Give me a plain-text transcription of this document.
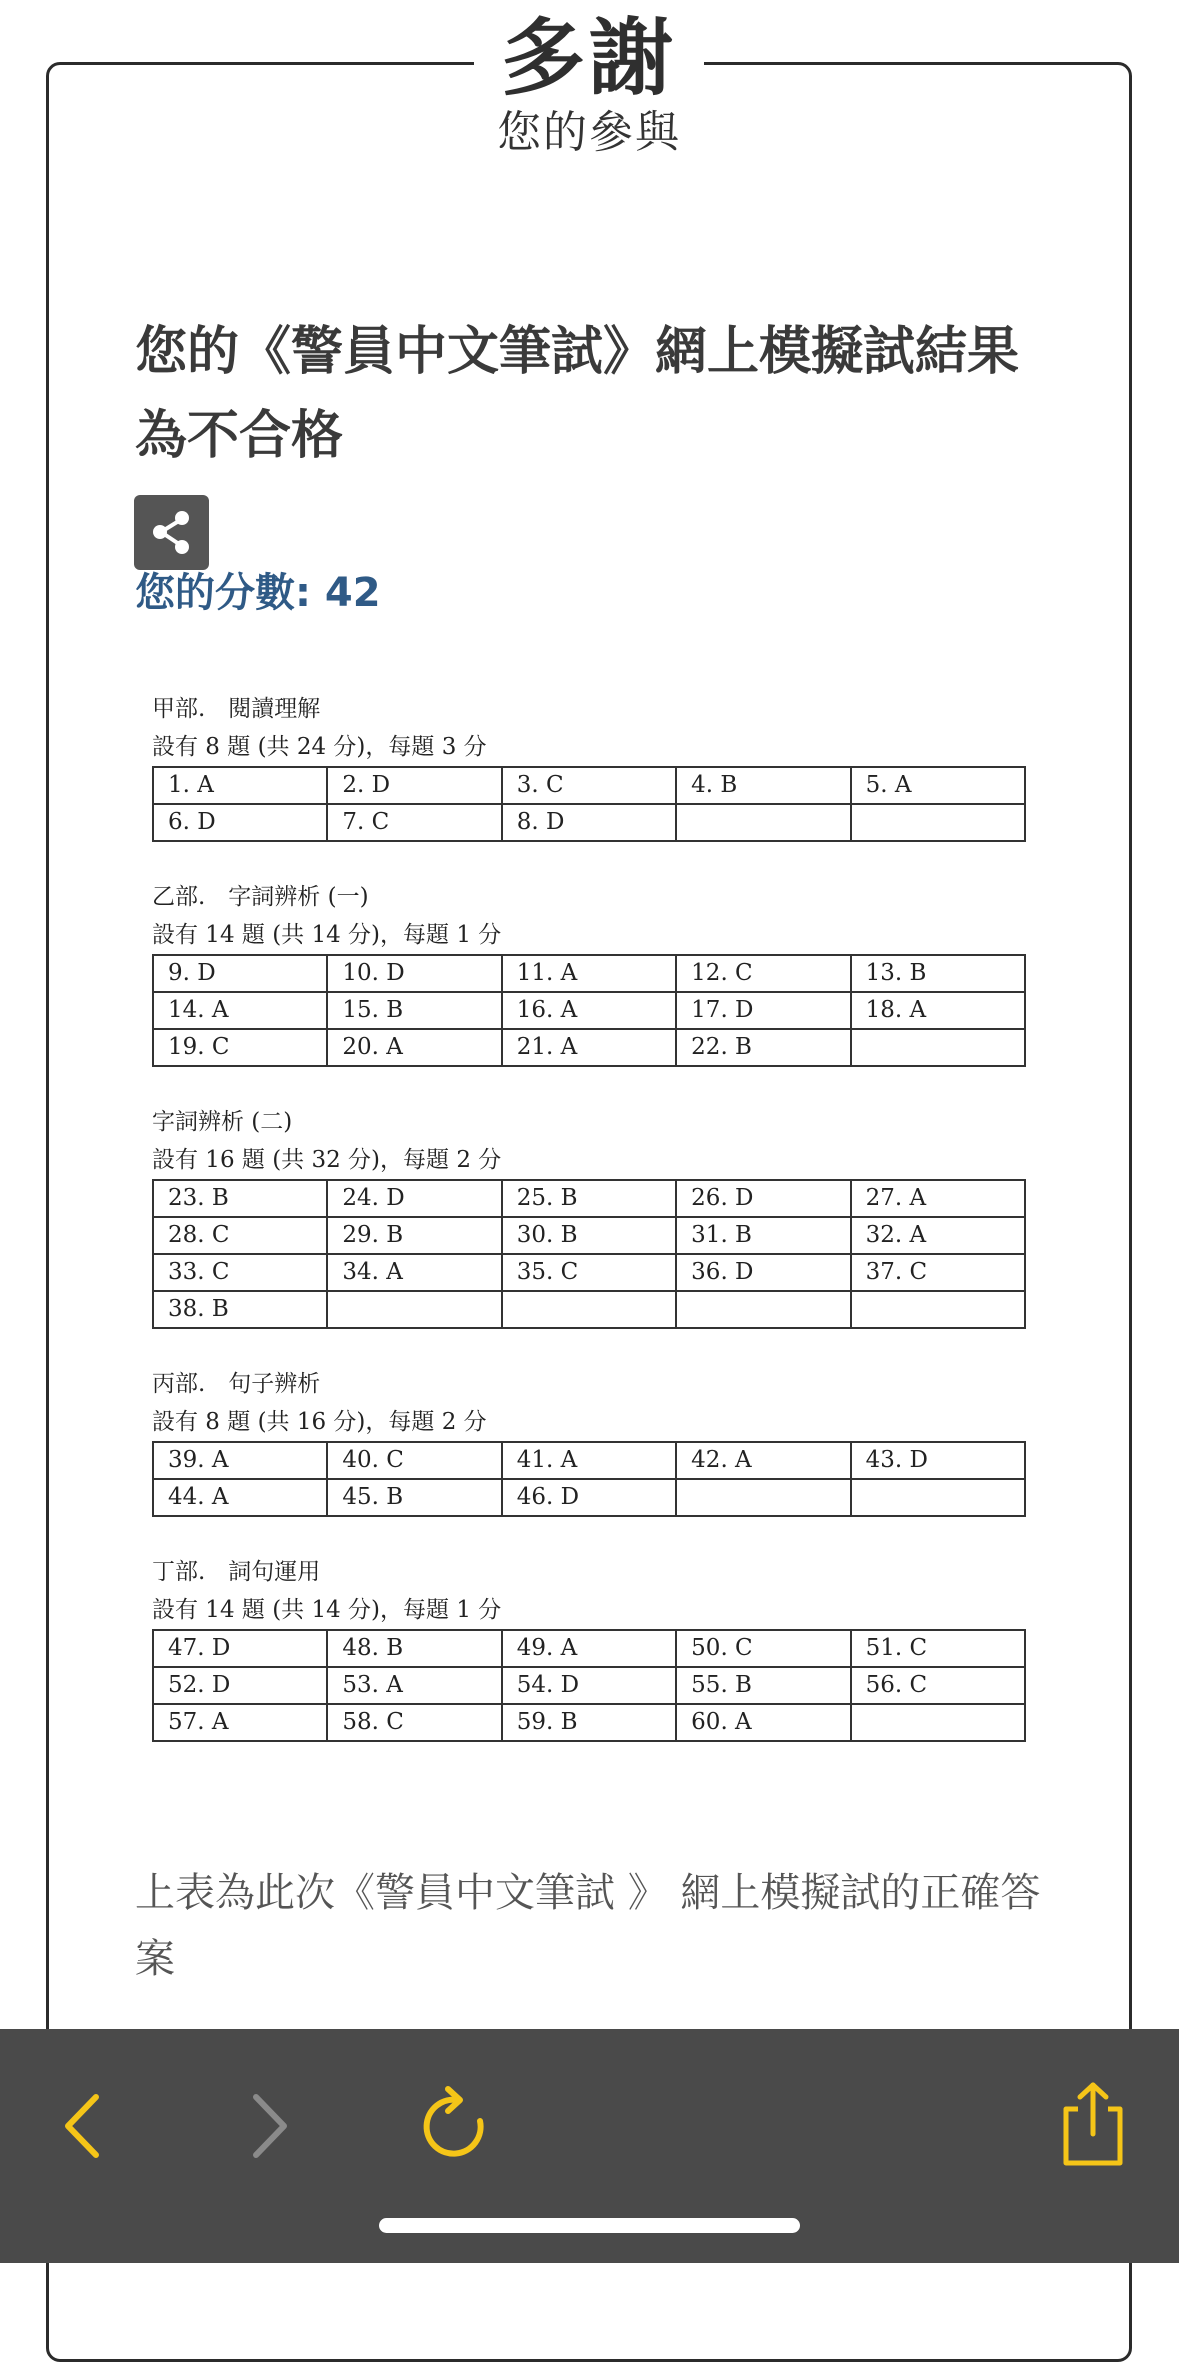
多謝
您的參與
您的《警員中文筆試》網上模擬試結果為不合格
您的分數: 42
甲部.　閱讀理解
設有 8 題 (共 24 分)，每題 3 分
1. A	2. D	3. C	4. B	5. A
6. D	7. C	8. D		
乙部.　字詞辨析 (一)
設有 14 題 (共 14 分)，每題 1 分
9. D	10. D	11. A	12. C	13. B
14. A	15. B	16. A	17. D	18. A
19. C	20. A	21. A	22. B	
字詞辨析 (二)
設有 16 題 (共 32 分)，每題 2 分
23. B	24. D	25. B	26. D	27. A
28. C	29. B	30. B	31. B	32. A
33. C	34. A	35. C	36. D	37. C
38. B				
丙部.　句子辨析
設有 8 題 (共 16 分)，每題 2 分
39. A	40. C	41. A	42. A	43. D
44. A	45. B	46. D		
丁部.　詞句運用
設有 14 題 (共 14 分)，每題 1 分
47. D	48. B	49. A	50. C	51. C
52. D	53. A	54. D	55. B	56. C
57. A	58. C	59. B	60. A	
上表為此次《警員中文筆試 》 網上模擬試的正確答案
